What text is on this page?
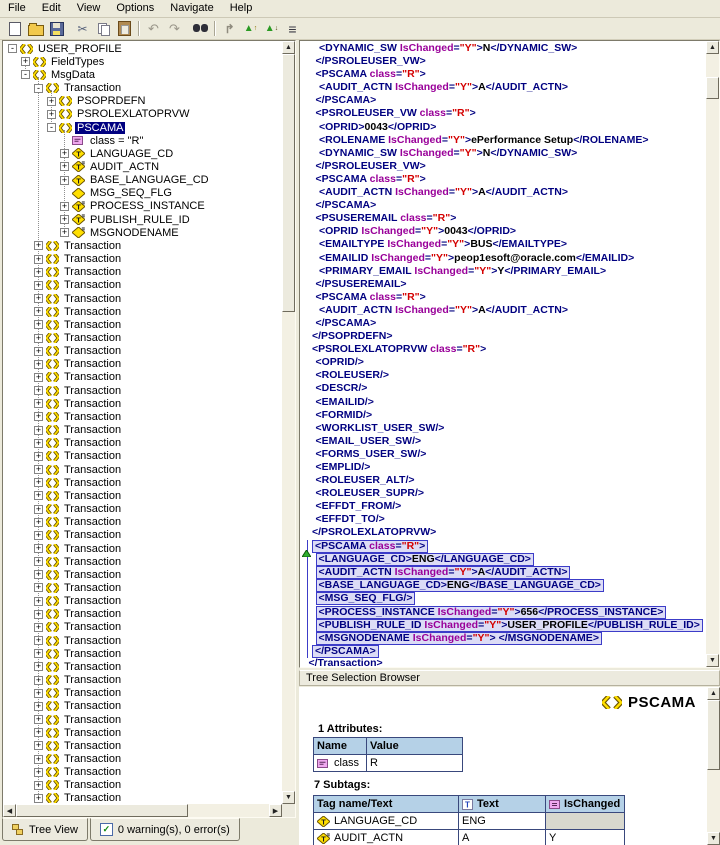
File	Edit	View	Options	Navigate	Help
✂
↶
↷
↱
▲ ↑
▲ ↓
≡
- USER_PROFILE
+ FieldTypes
- MsgData
- Transaction
+ PSOPRDEFN
+ PSROLEXLATOPRVW
- PSCAMA
class = "R"
+ T LANGUAGE_CD
+ T AUDIT_ACTN
+ T BASE_LANGUAGE_CD
MSG_SEQ_FLG
+ T PROCESS_INSTANCE
+ T PUBLISH_RULE_ID
+ MSGNODENAME
+ Transaction
+ Transaction
+ Transaction
+ Transaction
+ Transaction
+ Transaction
+ Transaction
+ Transaction
+ Transaction
+ Transaction
+ Transaction
+ Transaction
+ Transaction
+ Transaction
+ Transaction
+ Transaction
+ Transaction
+ Transaction
+ Transaction
+ Transaction
+ Transaction
+ Transaction
+ Transaction
+ Transaction
+ Transaction
+ Transaction
+ Transaction
+ Transaction
+ Transaction
+ Transaction
+ Transaction
+ Transaction
+ Transaction
+ Transaction
+ Transaction
+ Transaction
+ Transaction
+ Transaction
+ Transaction
+ Transaction
+ Transaction
+ Transaction
+ Transaction
▲
▼
◀
▶
Tree View	✓ 0 warning(s), 0 error(s)
<DYNAMIC_SW IsChanged="Y">N</DYNAMIC_SW>
</PSROLEUSER_VW>
<PSCAMA class="R">
<AUDIT_ACTN IsChanged="Y">A</AUDIT_ACTN>
</PSCAMA>
<PSROLEUSER_VW class="R">
<OPRID>0043</OPRID>
<ROLENAME IsChanged="Y">ePerformance Setup</ROLENAME>
<DYNAMIC_SW IsChanged="Y">N</DYNAMIC_SW>
</PSROLEUSER_VW>
<PSCAMA class="R">
<AUDIT_ACTN IsChanged="Y">A</AUDIT_ACTN>
</PSCAMA>
<PSUSEREMAIL class="R">
<OPRID IsChanged="Y">0043</OPRID>
<EMAILTYPE IsChanged="Y">BUS</EMAILTYPE>
<EMAILID IsChanged="Y">peop1esoft@oracle.com</EMAILID>
<PRIMARY_EMAIL IsChanged="Y">Y</PRIMARY_EMAIL>
</PSUSEREMAIL>
<PSCAMA class="R">
<AUDIT_ACTN IsChanged="Y">A</AUDIT_ACTN>
</PSCAMA>
</PSOPRDEFN>
<PSROLEXLATOPRVW class="R">
<OPRID/>
<ROLEUSER/>
<DESCR/>
<EMAILID/>
<FORMID/>
<WORKLIST_USER_SW/>
<EMAIL_USER_SW/>
<FORMS_USER_SW/>
<EMPLID/>
<ROLEUSER_ALT/>
<ROLEUSER_SUPR/>
<EFFDT_FROM/>
<EFFDT_TO/>
</PSROLEXLATOPRVW>
<PSCAMA class="R">
<LANGUAGE_CD>ENG</LANGUAGE_CD>
<AUDIT_ACTN IsChanged="Y">A</AUDIT_ACTN>
<BASE_LANGUAGE_CD>ENG</BASE_LANGUAGE_CD>
<MSG_SEQ_FLG/>
<PROCESS_INSTANCE IsChanged="Y">656</PROCESS_INSTANCE>
<PUBLISH_RULE_ID IsChanged="Y">USER_PROFILE</PUBLISH_RULE_ID>
<MSGNODENAME IsChanged="Y"> </MSGNODENAME>
</PSCAMA>
</Transaction>
▲
▼
Tree Selection Browser
PSCAMA
1 Attributes:
Name	Value
class R
7 Subtags:
Tag name/Text	T Text	IsChanged
T LANGUAGE_CD	ENG
T AUDIT_ACTN	A	Y
▲
▼
